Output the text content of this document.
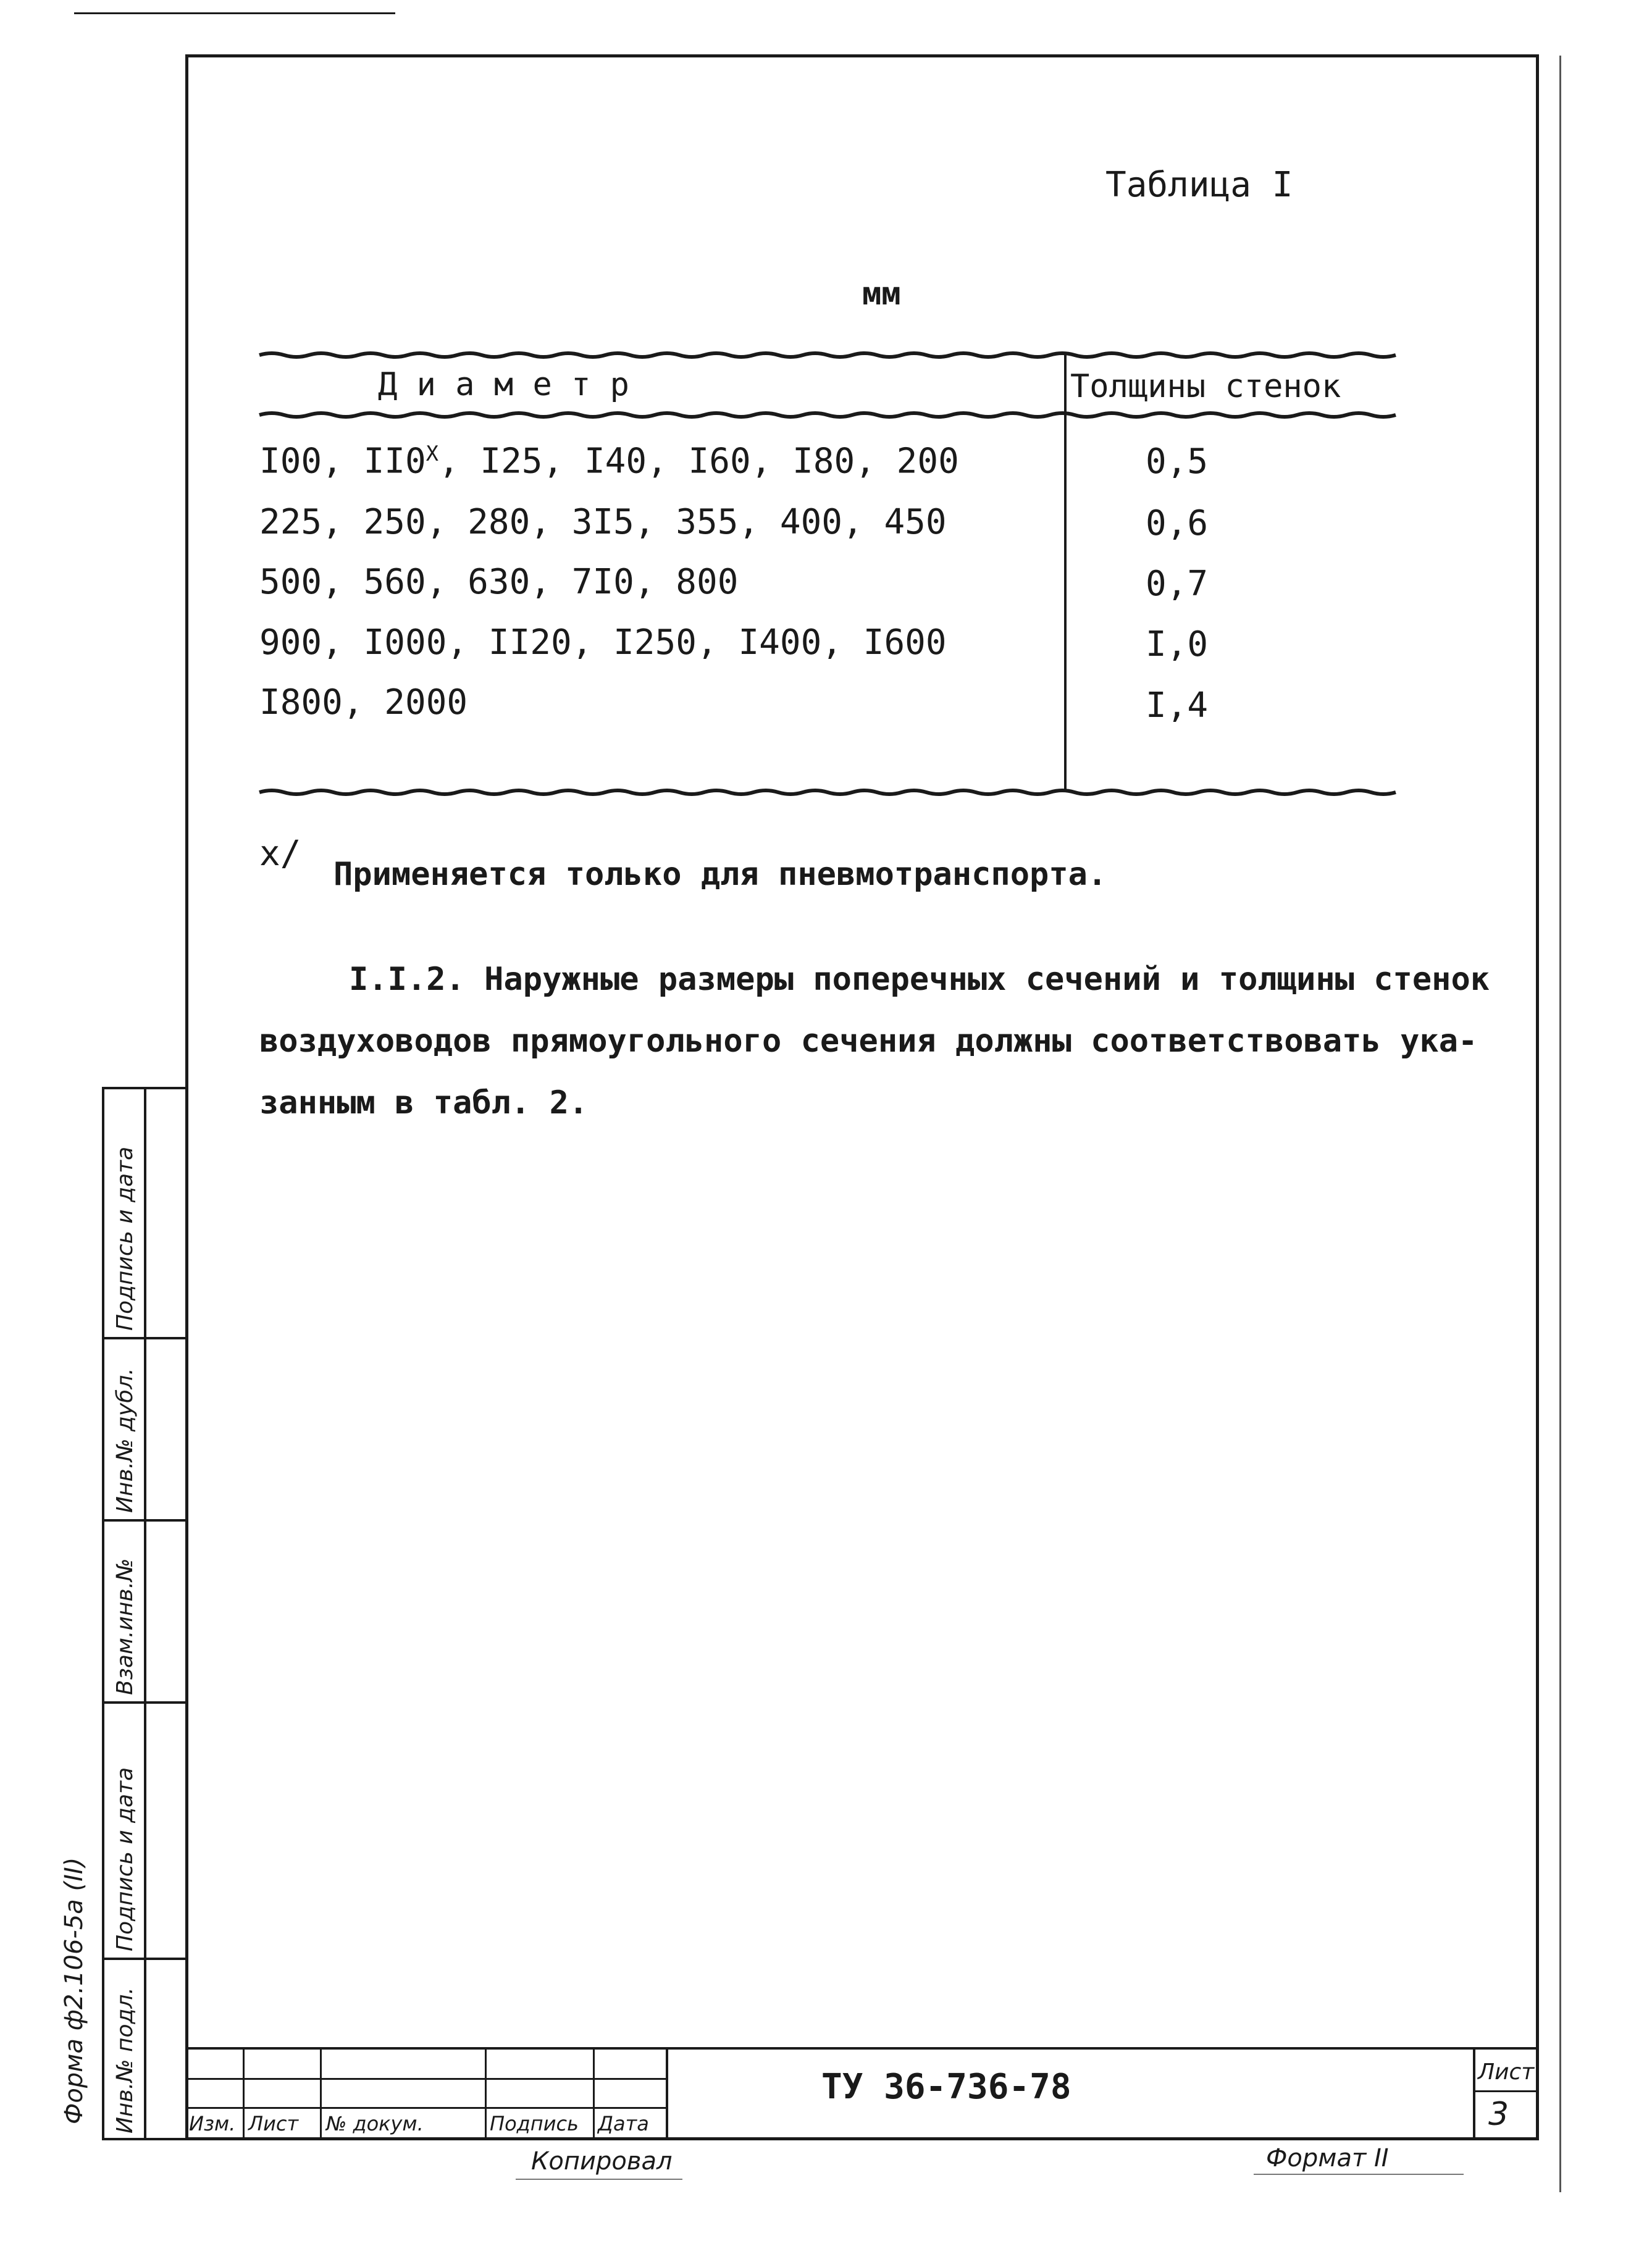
Таблица I
мм
Д и а м е т р	Толщины стенок
I00, $II0^X$, I25, I40, I60, I80, 200	0,5
225, 250, 280, 3I5, 355, 400, 450	0,6
500, 560, 630, 7I0, 800	0,7
900, I000, II20, I250, I400, I600	I,0
I800, 2000	I,4
x/
Применяется только для пневмотранспорта.
I.I.2. Наружные размеры поперечных сечений и толщины стенок
воздуховодов прямоугольного сечения должны соответствовать ука-
занным в табл. 2.
Форма ф2.106-5а (II) Инв.№ подл.
Подпись и дата
Взам.инв.№
Инв.№ дубл.
Подпись и дата
Изм. Лист № докум.	Подпись Дата
ТУ 36-736-78	Лист
3
Копировал	Формат II
